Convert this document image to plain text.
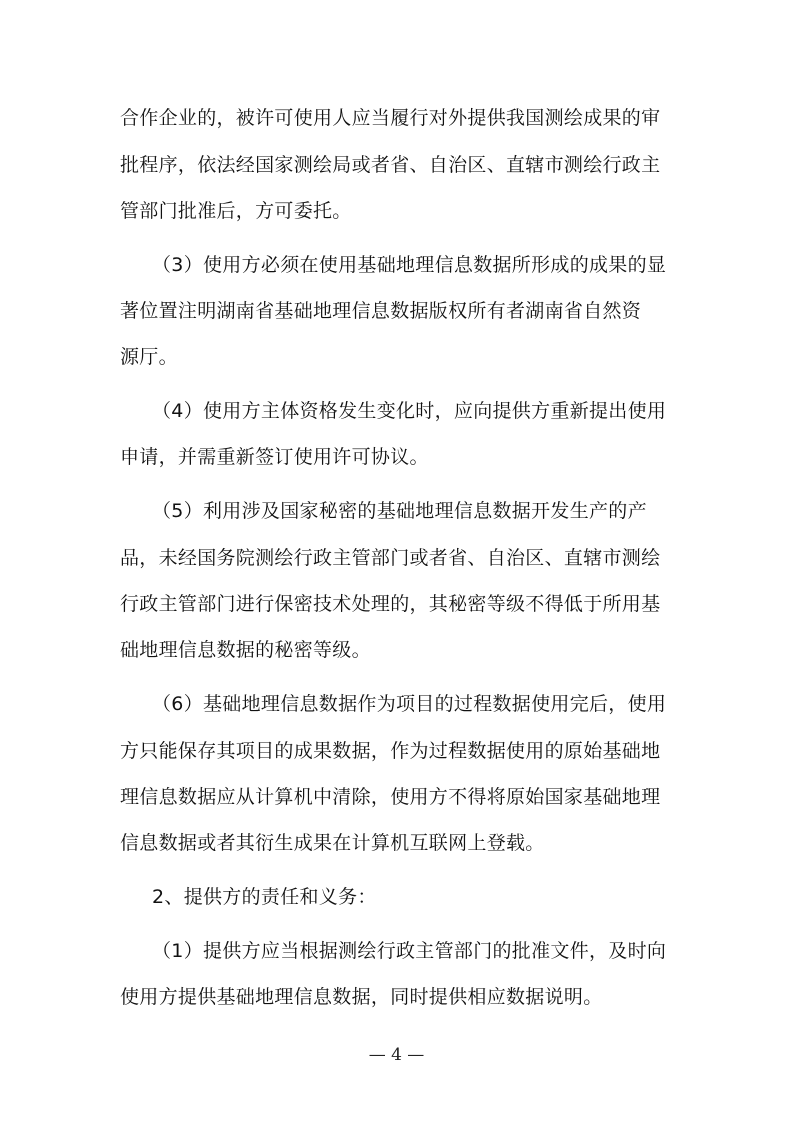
合作企业的，被许可使用人应当履行对外提供我国测绘成果的审
批程序，依法经国家测绘局或者省、自治区、直辖市测绘行政主
管部门批准后，方可委托。
（3）使用方必须在使用基础地理信息数据所形成的成果的显
著位置注明湖南省基础地理信息数据版权所有者湖南省自然资
源厅。
（4）使用方主体资格发生变化时，应向提供方重新提出使用
申请，并需重新签订使用许可协议。
（5）利用涉及国家秘密的基础地理信息数据开发生产的产
品，未经国务院测绘行政主管部门或者省、自治区、直辖市测绘
行政主管部门进行保密技术处理的，其秘密等级不得低于所用基
础地理信息数据的秘密等级。
（6）基础地理信息数据作为项目的过程数据使用完后，使用
方只能保存其项目的成果数据，作为过程数据使用的原始基础地
理信息数据应从计算机中清除，使用方不得将原始国家基础地理
信息数据或者其衍生成果在计算机互联网上登载。
2、提供方的责任和义务：
（1）提供方应当根据测绘行政主管部门的批准文件，及时向
使用方提供基础地理信息数据，同时提供相应数据说明。
— 4 —
